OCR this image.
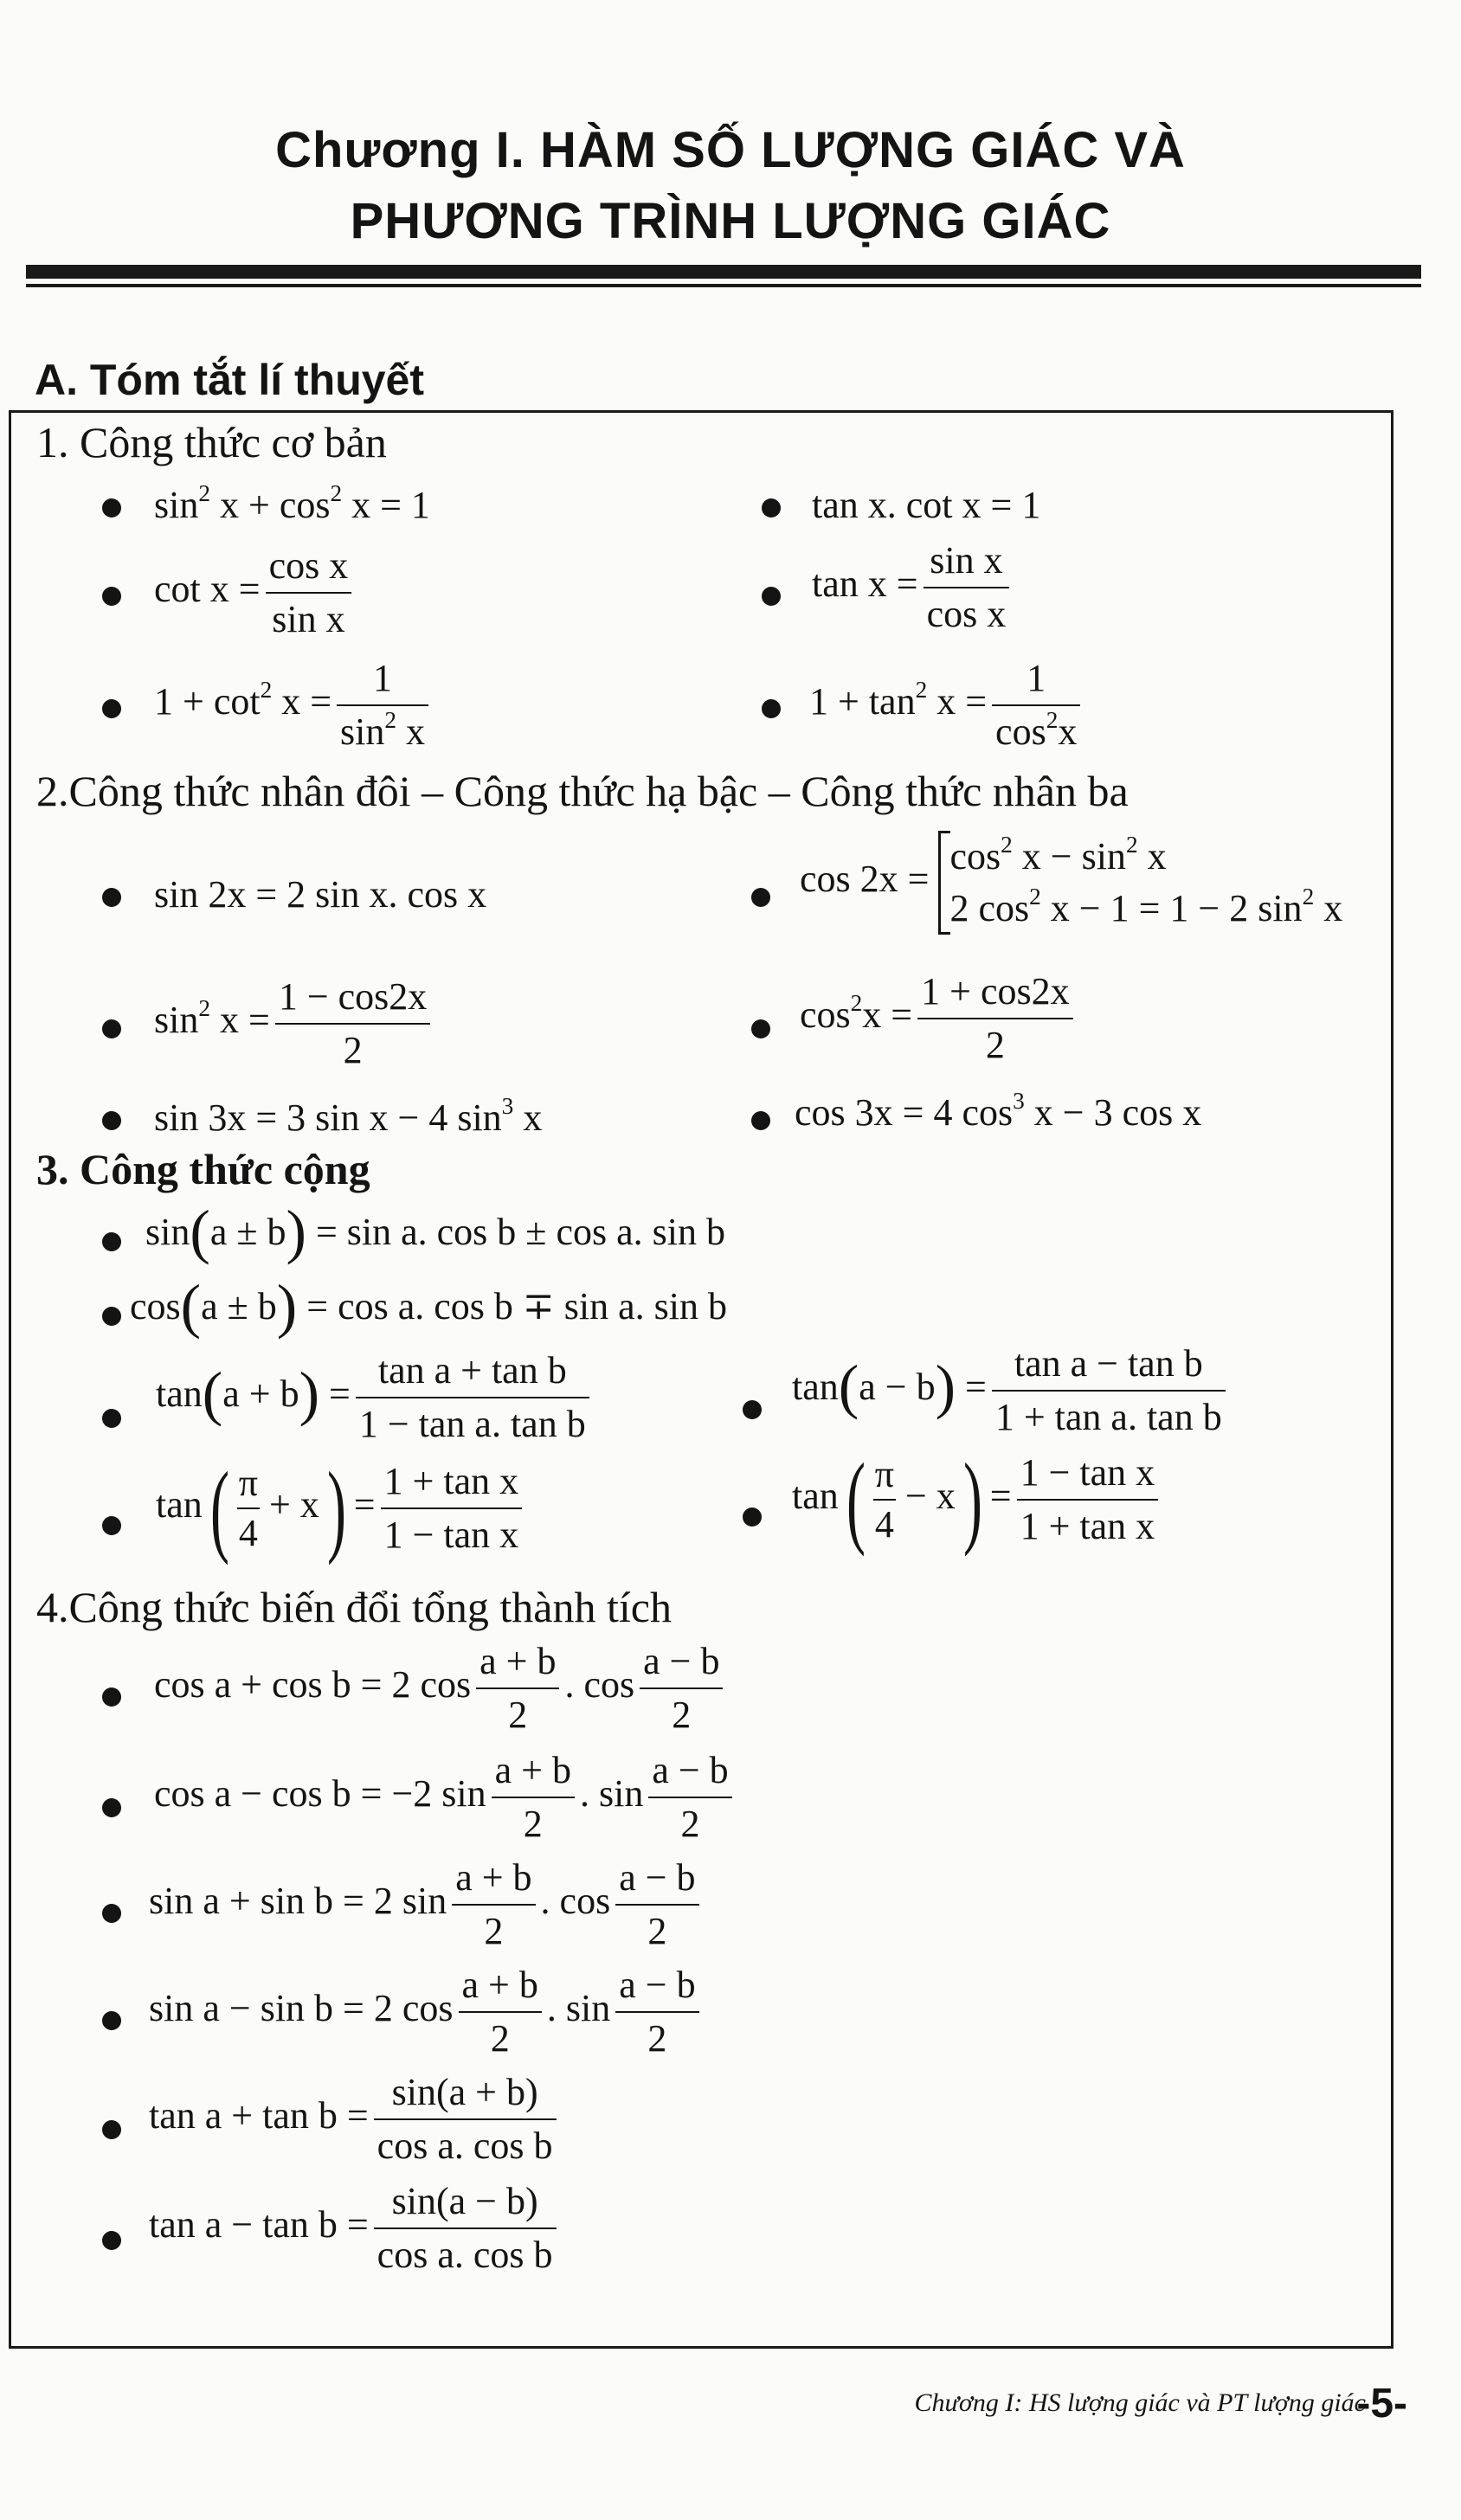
Chương I. HÀM SỐ LƯỢNG GIÁC VÀ
PHƯƠNG TRÌNH LƯỢNG GIÁC
A. Tóm tắt lí thuyết
1. Công thức cơ bản
$\sin^2 x + \cos^2 x = 1$	tan x. cot x = 1
$\cot x = \frac{\text{cos x}}{\text{sin x}}$	$\tan x = \frac{\text{sin x}}{\text{cos x}}$
$1 + \cot^2 x = \frac{1}{\sin^2 x}$	$1 + \tan^2 x = \frac{1}{\cos^2x}$
2.Công thức nhân đôi – Công thức hạ bậc – Công thức nhân ba
sin 2x = 2 sin x. cos x	cos 2x =
$\cos^2 x - \sin^2 x$
2 $\cos^2 x - 1 = 1 - 2$ $\sin^2 x$
$\sin^2 x = \frac{1 - \cos 2x}{2}$	$\cos^2x = \frac{1 + \cos 2x}{2}$
sin 3x = 3 sin x − 4 $\sin^3 x$	cos 3x = 4 $\cos^3 x - 3$ cos x
3. Công thức cộng
sin(a ± b) = sin a. cos b ± cos a. sin b
cos(a ± b) = cos a. cos b ∓ sin a. sin b
$\tan(a + b) = \frac{\text{tan a + tan b}}{\text{1 − tan a. tan b}}$	$\tan(a - b) = \frac{\text{tan a − tan b}}{\text{1 + tan a. tan b}}$
$\tan( \frac{\pi}{4} + x) = \frac{\text{1 + tan x}}{\text{1 − tan x}}$	$\tan( \frac{\pi}{4} - x) = \frac{\text{1 − tan x}}{\text{1 + tan x}}$
4.Công thức biến đổi tổng thành tích
cos a + cos b = 2 $\cos \frac{a + b}{2}$ . $\cos \frac{a - b}{2}$
cos a − cos b = −2 $\sin \frac{a + b}{2}$ . $\sin \frac{a - b}{2}$
sin a + sin b = 2 $\sin \frac{a + b}{2}$ . $\cos \frac{a - b}{2}$
sin a − sin b = 2 $\cos \frac{a + b}{2}$ . $\sin \frac{a - b}{2}$
$\tan a + \tan b = \frac{\sin(a + b)}{\text{cos a. cos b}}$
$\tan a - \tan b = \frac{\sin(a - b)}{\text{cos a. cos b}}$
Chương I: HS lượng giác và PT lượng giác
-5-
